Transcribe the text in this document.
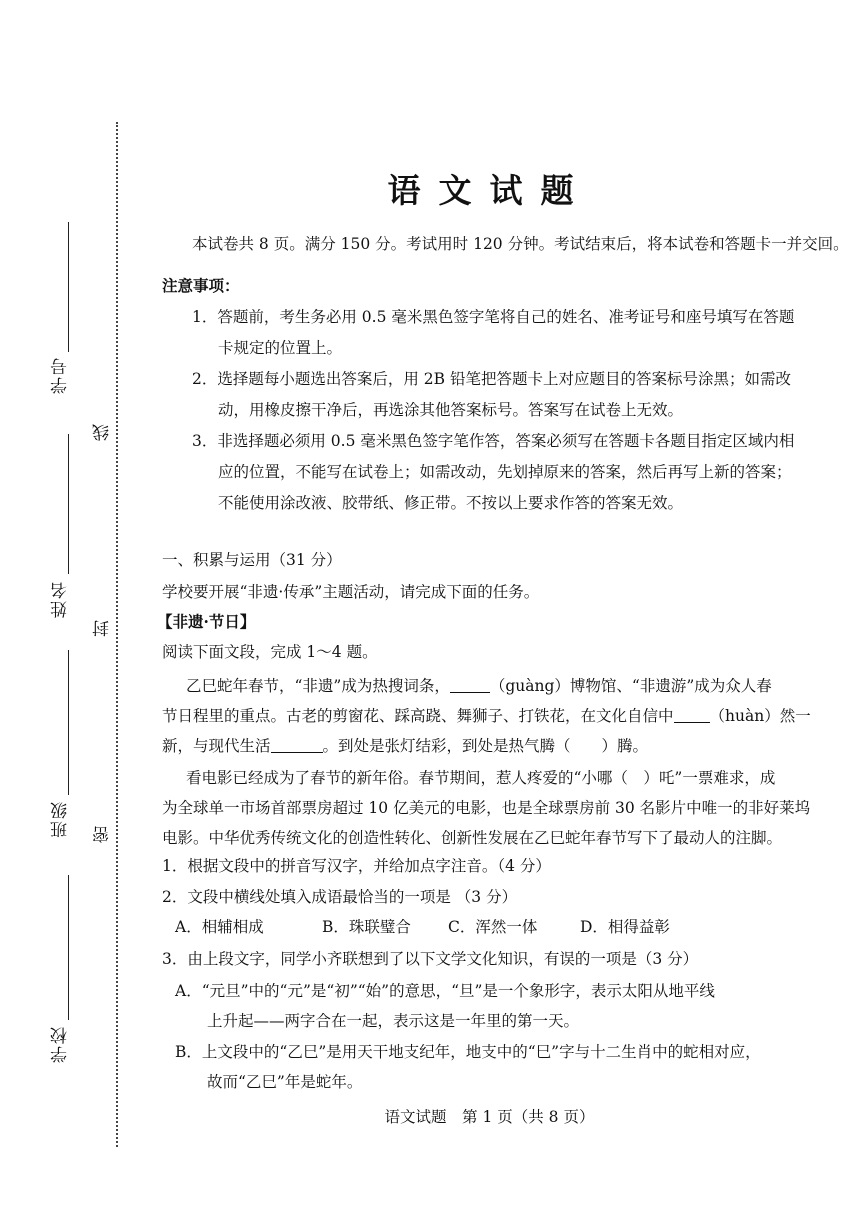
学号
线
姓名
封
班级 密
学校
语文试题
本试卷共 8 页。满分 150 分。考试用时 120 分钟。考试结束后，将本试卷和答题卡一并交回。
注意事项：
1．答题前，考生务必用 0.5 毫米黑色签字笔将自己的姓名、准考证号和座号填写在答题
卡规定的位置上。
2．选择题每小题选出答案后，用 2B 铅笔把答题卡上对应题目的答案标号涂黑；如需改
动，用橡皮擦干净后，再选涂其他答案标号。答案写在试卷上无效。
3．非选择题必须用 0.5 毫米黑色签字笔作答，答案必须写在答题卡各题目指定区域内相
应的位置，不能写在试卷上；如需改动，先划掉原来的答案，然后再写上新的答案；
不能使用涂改液、胶带纸、修正带。不按以上要求作答的答案无效。
一、积累与运用（31 分）
学校要开展“非遗·传承”主题活动，请完成下面的任务。
【非遗·节日】
阅读下面文段，完成 1～4 题。
乙巳蛇年春节，“非遗”成为热搜词条，	（guàng）博物馆、“非遗游”成为众人春
节日程里的重点。古老的剪窗花、踩高跷、舞狮子、打铁花，在文化自信中 （huàn）然一
新，与现代生活	。到处是张灯结彩，到处是热气腾（　　）腾。
看电影已经成为了春节的新年俗。春节期间，惹人疼爱的“小哪（　）吒”一票难求，成
为全球单一市场首部票房超过 10 亿美元的电影，也是全球票房前 30 名影片中唯一的非好莱坞
电影。中华优秀传统文化的创造性转化、创新性发展在乙巳蛇年春节写下了最动人的注脚。
1．根据文段中的拼音写汉字，并给加点字注音。（4 分）
2．文段中横线处填入成语最恰当的一项是 （3 分）
A．相辅相成	B．珠联璧合 C．浑然一体	D．相得益彰
3．由上段文字，同学小齐联想到了以下文学文化知识，有误的一项是（3 分）
A．“元旦”中的“元”是“初”“始”的意思，“旦”是一个象形字，表示太阳从地平线
上升起——两字合在一起，表示这是一年里的第一天。
B．上文段中的“乙巳”是用天干地支纪年，地支中的“巳”字与十二生肖中的蛇相对应，
故而“乙巳”年是蛇年。
语文试题　第 1 页（共 8 页）
